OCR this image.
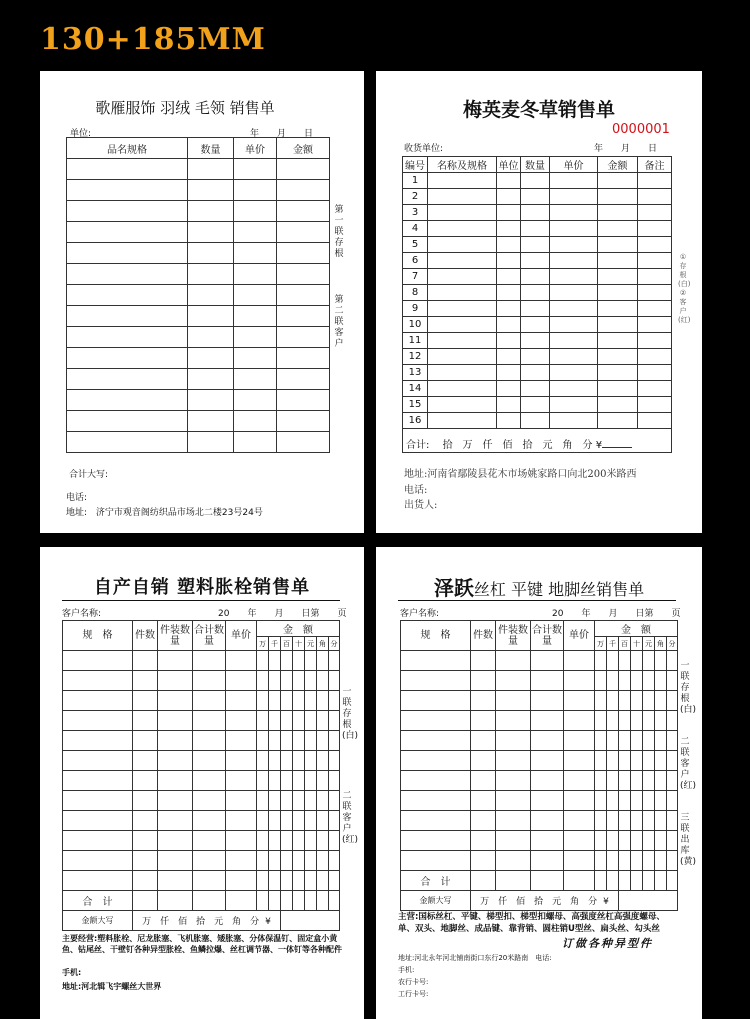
130+185MM
歌雁服饰 羽绒 毛领 销售单
单位:	年　　月　　日
品名规格	数量	单价	金额

合计大写:
第一联存根
第二联客户
电话:
地址: 济宁市观音阁纺织品市场北二楼23号24号
梅英麦冬草销售单
0000001
收货单位:	年　　月　　日
编号	名称及规格	单位	数量	单价	金额	备注
1						
2						
3						
4						
5						
6						
7						
8						
9						
10						
11						
12						
13						
14						
15						
16						

合计: 拾　万　仟　佰　拾　元　角　分 ¥
①存根(白) ②客户(红)
地址:河南省鄢陵县花木市场姚家路口向北200米路西
电话:
出货人:
自产自销 塑料胀栓销售单
客户名称:	20　　年　　月　　日第　　页
规　格	件数	件装数量	合计数量	单价	金　额						
					万	千	百	十	元	角	分

合　计											
金额大写	万　仟　佰　拾　元　角　分 ¥										
一联存根(白)
二联客户(红)
主要经营:塑料胀栓、尼龙胀塞、飞机胀塞、矮胀塞、分体保温钉、固定盒小黄鱼、钻尾丝、干壁钉各种异型胀栓、鱼鳞拉爆、丝杠调节器、一体钉等各种配件
手机:
地址:河北辑飞宇螺丝大世界
泽跃丝杠 平键 地脚丝销售单
客户名称:	20　　年　　月　　日第　　页
规　格	件数	件装数量	合计数量	单价	金　额						
					万	千	百	十	元	角	分

合　计											
金额大写	万　仟　佰　拾　元　角　分 ¥										
一联存根(白)
二联客户(红)
三联出库(黄)
主营:国标丝杠、平键、梯型扣、梯型扣螺母、高强度丝杠高强度螺母、单、双头、地脚丝、成品键、靠背销、圆柱销U型丝、扁头丝、勾头丝
订做各种异型件
地址:河北永年河北铺南街口东行20米路南　电话:
手机:
农行卡号:
工行卡号:
